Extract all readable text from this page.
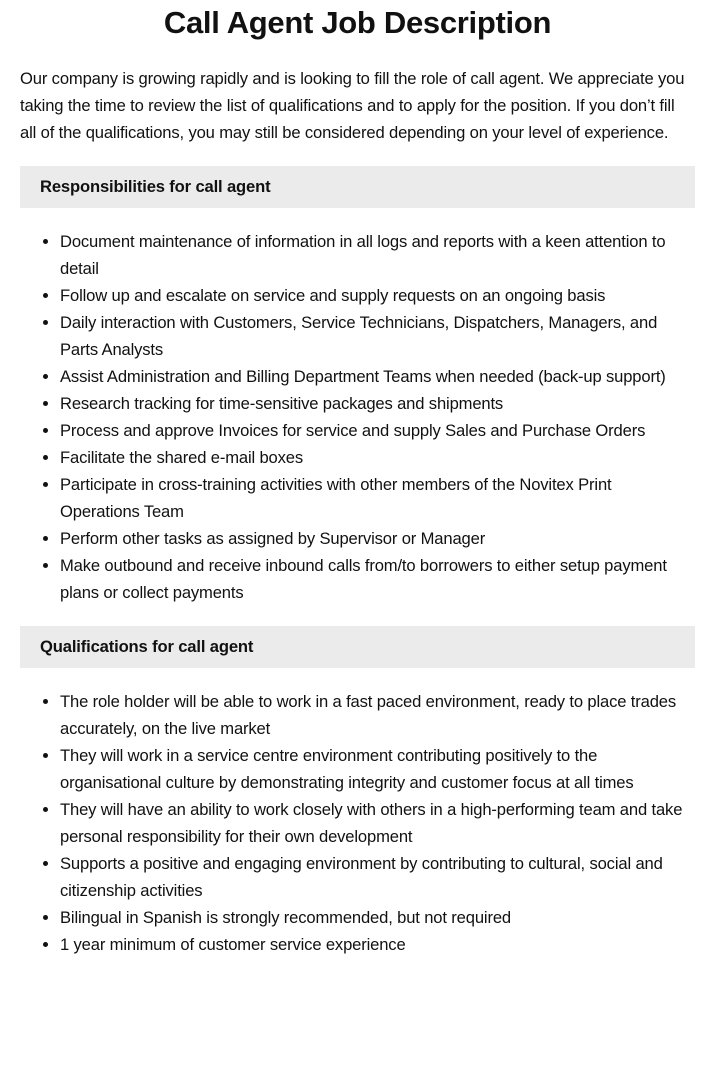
Call Agent Job Description

Our company is growing rapidly and is looking to fill the role of call agent. We appreciate you taking the time to review the list of qualifications and to apply for the position. If you don’t fill all of the qualifications, you may still be considered depending on your level of experience.

Responsibilities for call agent
• Document maintenance of information in all logs and reports with a keen attention to detail
• Follow up and escalate on service and supply requests on an ongoing basis
• Daily interaction with Customers, Service Technicians, Dispatchers, Managers, and Parts Analysts
• Assist Administration and Billing Department Teams when needed (back-up support)
• Research tracking for time-sensitive packages and shipments
• Process and approve Invoices for service and supply Sales and Purchase Orders
• Facilitate the shared e-mail boxes
• Participate in cross-training activities with other members of the Novitex Print Operations Team
• Perform other tasks as assigned by Supervisor or Manager
• Make outbound and receive inbound calls from/to borrowers to either setup payment plans or collect payments
Qualifications for call agent
• The role holder will be able to work in a fast paced environment, ready to place trades accurately, on the live market
• They will work in a service centre environment contributing positively to the organisational culture by demonstrating integrity and customer focus at all times
• They will have an ability to work closely with others in a high-performing team and take personal responsibility for their own development
• Supports a positive and engaging environment by contributing to cultural, social and citizenship activities
• Bilingual in Spanish is strongly recommended, but not required
• 1 year minimum of customer service experience
